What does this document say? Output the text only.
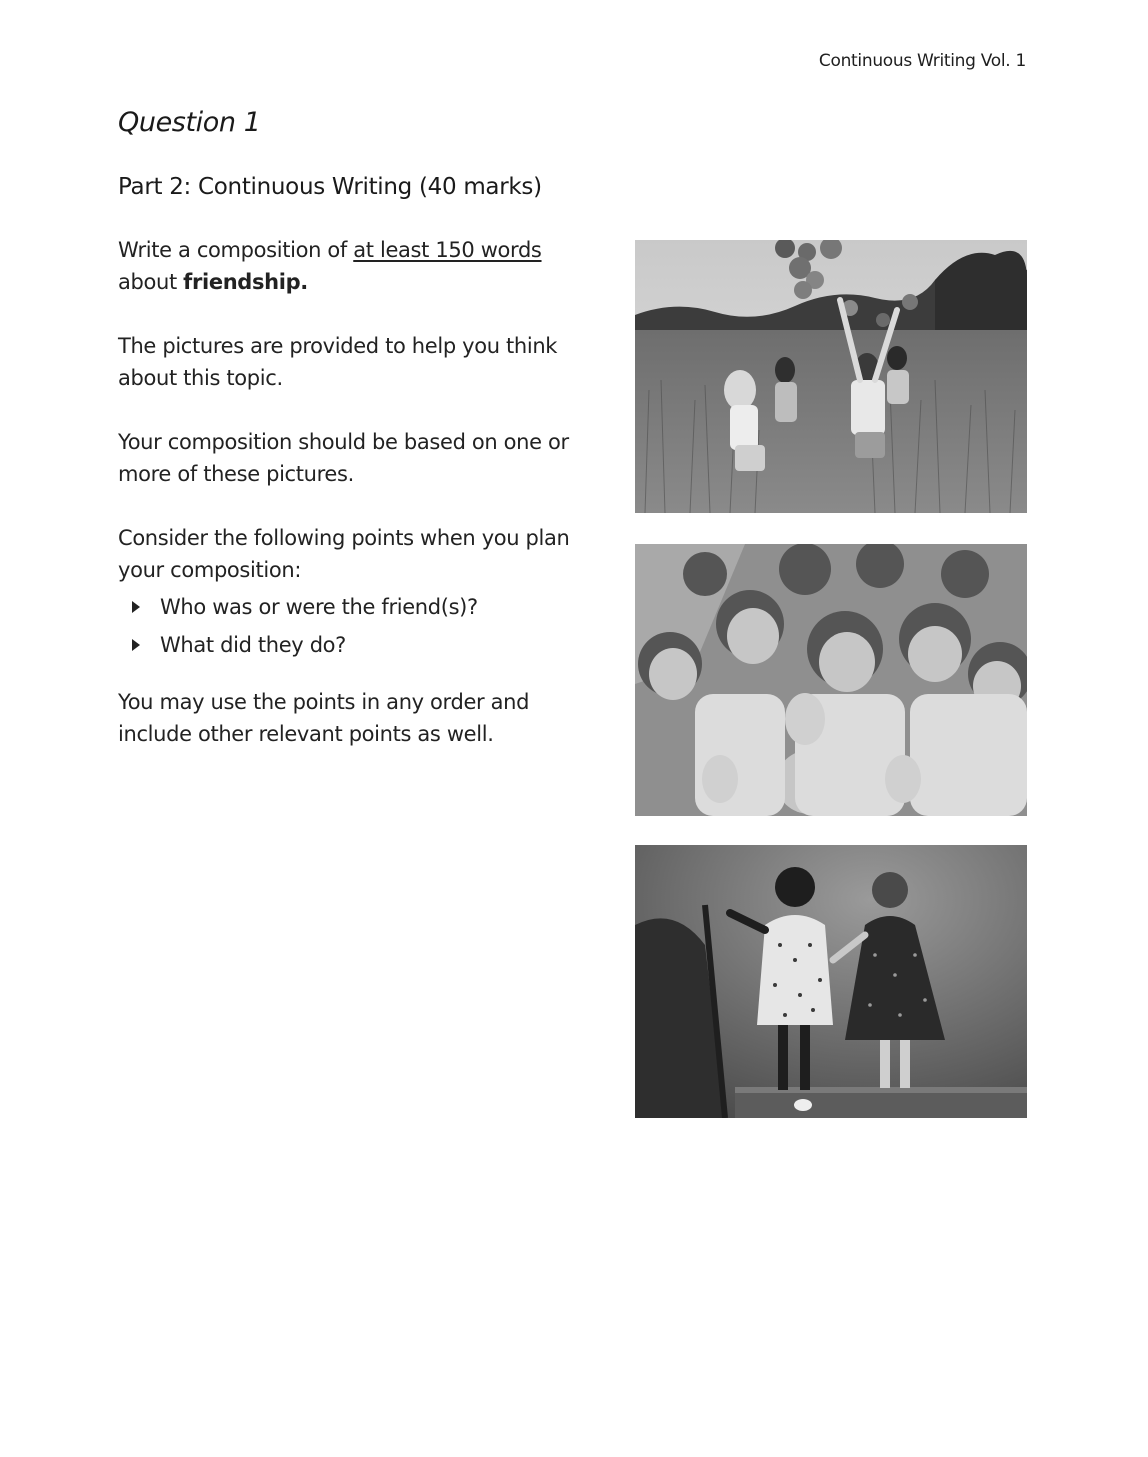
Continuous Writing Vol. 1
Question 1
Part 2: Continuous Writing (40 marks)

Write a composition of at least 150 words
about friendship.

The pictures are provided to help you think about this topic.

Your composition should be based on one or more of these pictures.

Consider the following points when you plan your composition:

Who was or were the friend(s)?
What did they do?

You may use the points in any order and include other relevant points as well.
